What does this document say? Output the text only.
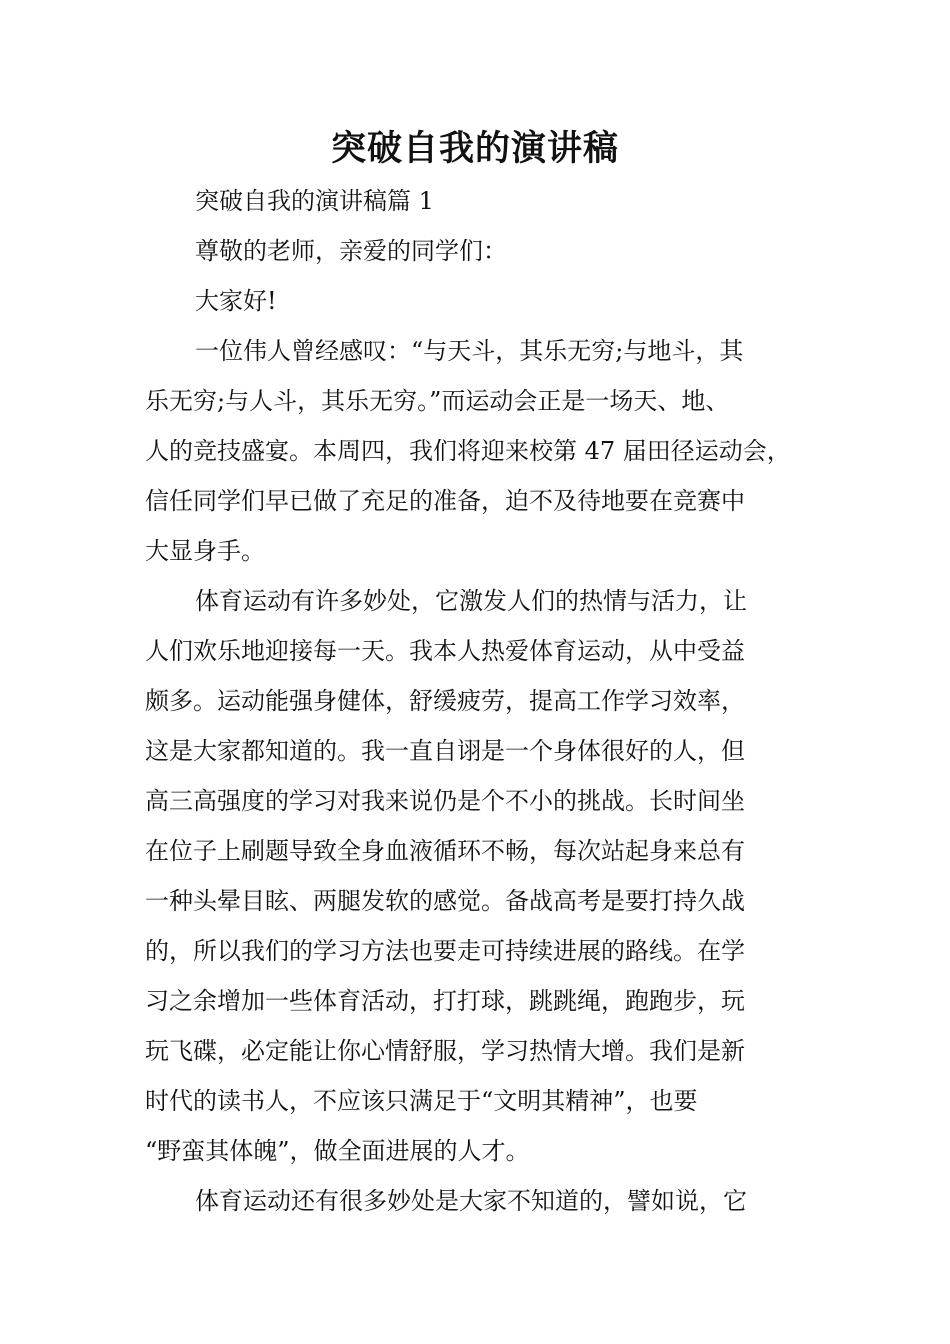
突破自我的演讲稿

突破自我的演讲稿篇 1

尊敬的老师，亲爱的同学们：

大家好!

一位伟人曾经感叹：“与天斗，其乐无穷;与地斗，其

乐无穷;与人斗，其乐无穷。”而运动会正是一场天、地、

人的竞技盛宴。本周四，我们将迎来校第 47 届田径运动会，

信任同学们早已做了充足的准备，迫不及待地要在竞赛中

大显身手。

体育运动有许多妙处，它激发人们的热情与活力，让

人们欢乐地迎接每一天。我本人热爱体育运动，从中受益

颇多。运动能强身健体，舒缓疲劳，提高工作学习效率，

这是大家都知道的。我一直自诩是一个身体很好的人，但

高三高强度的学习对我来说仍是个不小的挑战。长时间坐

在位子上刷题导致全身血液循环不畅，每次站起身来总有

一种头晕目眩、两腿发软的感觉。备战高考是要打持久战

的，所以我们的学习方法也要走可持续进展的路线。在学

习之余增加一些体育活动，打打球，跳跳绳，跑跑步，玩

玩飞碟，必定能让你心情舒服，学习热情大增。我们是新

时代的读书人，不应该只满足于“文明其精神”，也要

“野蛮其体魄”，做全面进展的人才。

体育运动还有很多妙处是大家不知道的，譬如说，它
